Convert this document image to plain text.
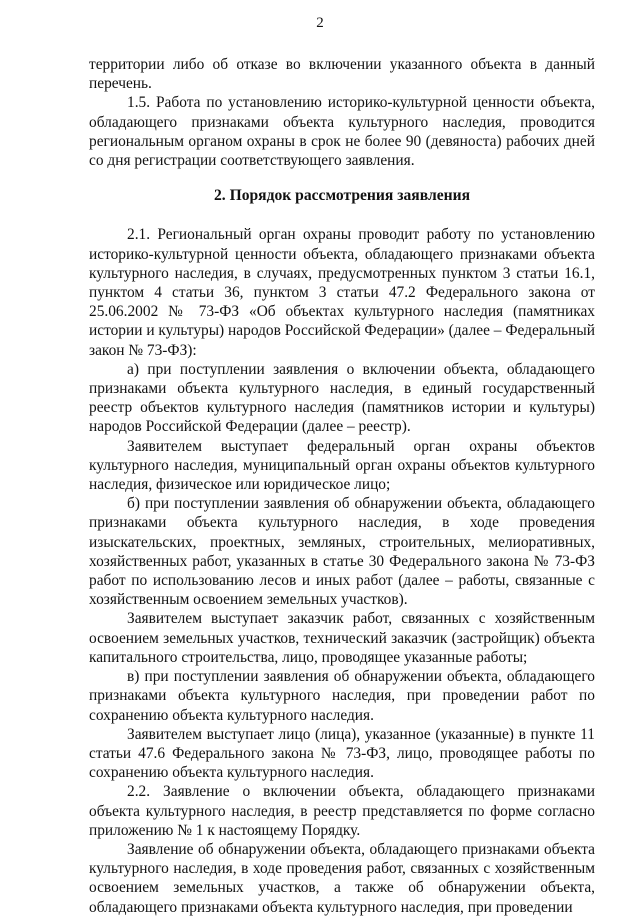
2

территории либо об отказе во включении указанного объекта в данный перечень.

1.5. Работа по установлению историко-культурной ценности объекта, обладающего признаками объекта культурного наследия, проводится региональным органом охраны в срок не более 90 (девяноста) рабочих дней со дня регистрации соответствующего заявления.

2. Порядок рассмотрения заявления

2.1. Региональный орган охраны проводит работу по установлению историко-культурной ценности объекта, обладающего признаками объекта культурного наследия, в случаях, предусмотренных пунктом 3 статьи 16.1, пунктом 4 статьи 36, пунктом 3 статьи 47.2 Федерального закона от 25.06.2002 № 73-ФЗ «Об объектах культурного наследия (памятниках истории и культуры) народов Российской Федерации» (далее – Федеральный закон № 73-ФЗ):

а) при поступлении заявления о включении объекта, обладающего признаками объекта культурного наследия, в единый государственный реестр объектов культурного наследия (памятников истории и культуры) народов Российской Федерации (далее – реестр).

Заявителем выступает федеральный орган охраны объектов культурного наследия, муниципальный орган охраны объектов культурного наследия, физическое или юридическое лицо;

б) при поступлении заявления об обнаружении объекта, обладающего признаками объекта культурного наследия, в ходе проведения изыскательских, проектных, земляных, строительных, мелиоративных, хозяйственных работ, указанных в статье 30 Федерального закона № 73-ФЗ работ по использованию лесов и иных работ (далее – работы, связанные с хозяйственным освоением земельных участков).

Заявителем выступает заказчик работ, связанных с хозяйственным освоением земельных участков, технический заказчик (застройщик) объекта капитального строительства, лицо, проводящее указанные работы;

в) при поступлении заявления об обнаружении объекта, обладающего признаками объекта культурного наследия, при проведении работ по сохранению объекта культурного наследия.

Заявителем выступает лицо (лица), указанное (указанные) в пункте 11 статьи 47.6 Федерального закона № 73-ФЗ, лицо, проводящее работы по сохранению объекта культурного наследия.

2.2. Заявление о включении объекта, обладающего признаками объекта культурного наследия, в реестр представляется по форме согласно приложению № 1 к настоящему Порядку.

Заявление об обнаружении объекта, обладающего признаками объекта культурного наследия, в ходе проведения работ, связанных с хозяйственным освоением земельных участков, а также об обнаружении объекта, обладающего признаками объекта культурного наследия, при проведении
